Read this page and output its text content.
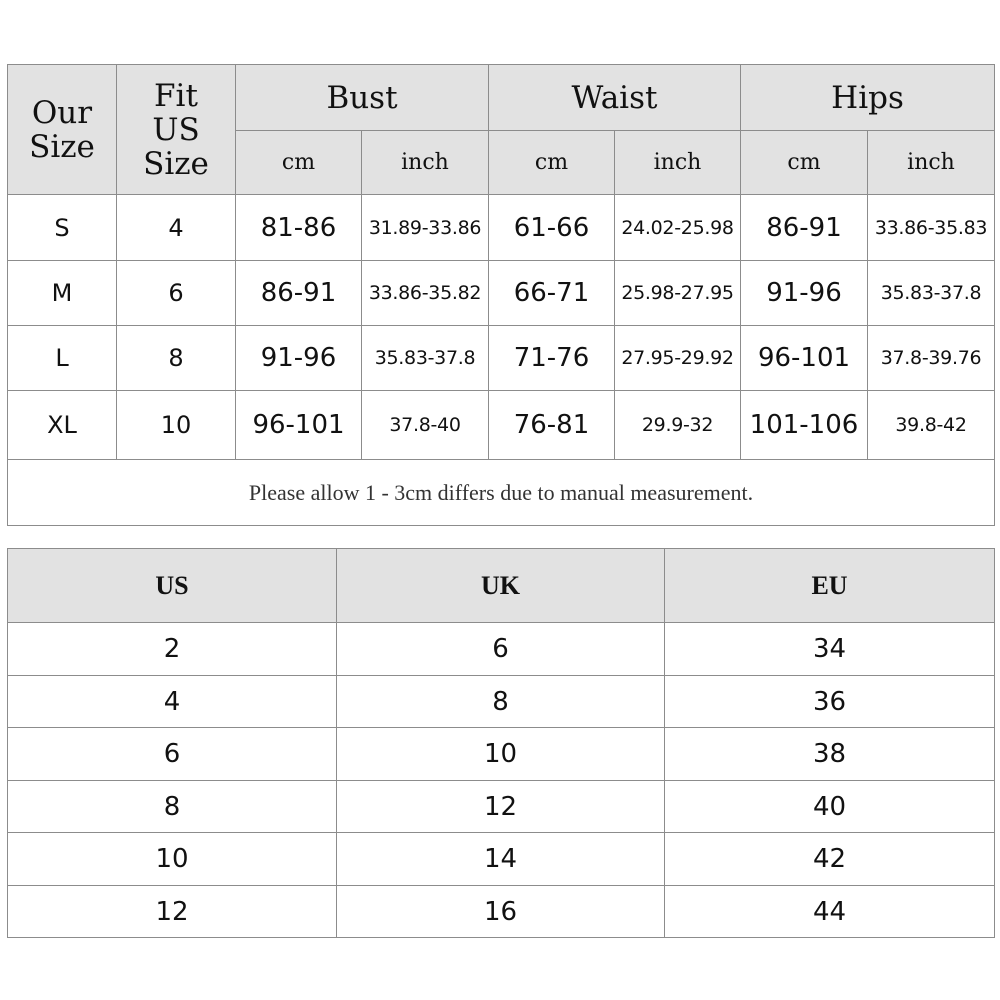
Our Size	Fit US Size	Bust		Waist		Hips	
		cm	inch	cm	inch	cm	inch
S	4	81-86	31.89-33.86	61-66	24.02-25.98	86-91	33.86-35.83
M	6	86-91	33.86-35.82	66-71	25.98-27.95	91-96	35.83-37.8
L	8	91-96	35.83-37.8	71-76	27.95-29.92	96-101	37.8-39.76
XL	10	96-101	37.8-40	76-81	29.9-32	101-106	39.8-42
Please allow 1 - 3cm differs due to manual measurement.							
US	UK	EU
2	6	34
4	8	36
6	10	38
8	12	40
10	14	42
12	16	44
